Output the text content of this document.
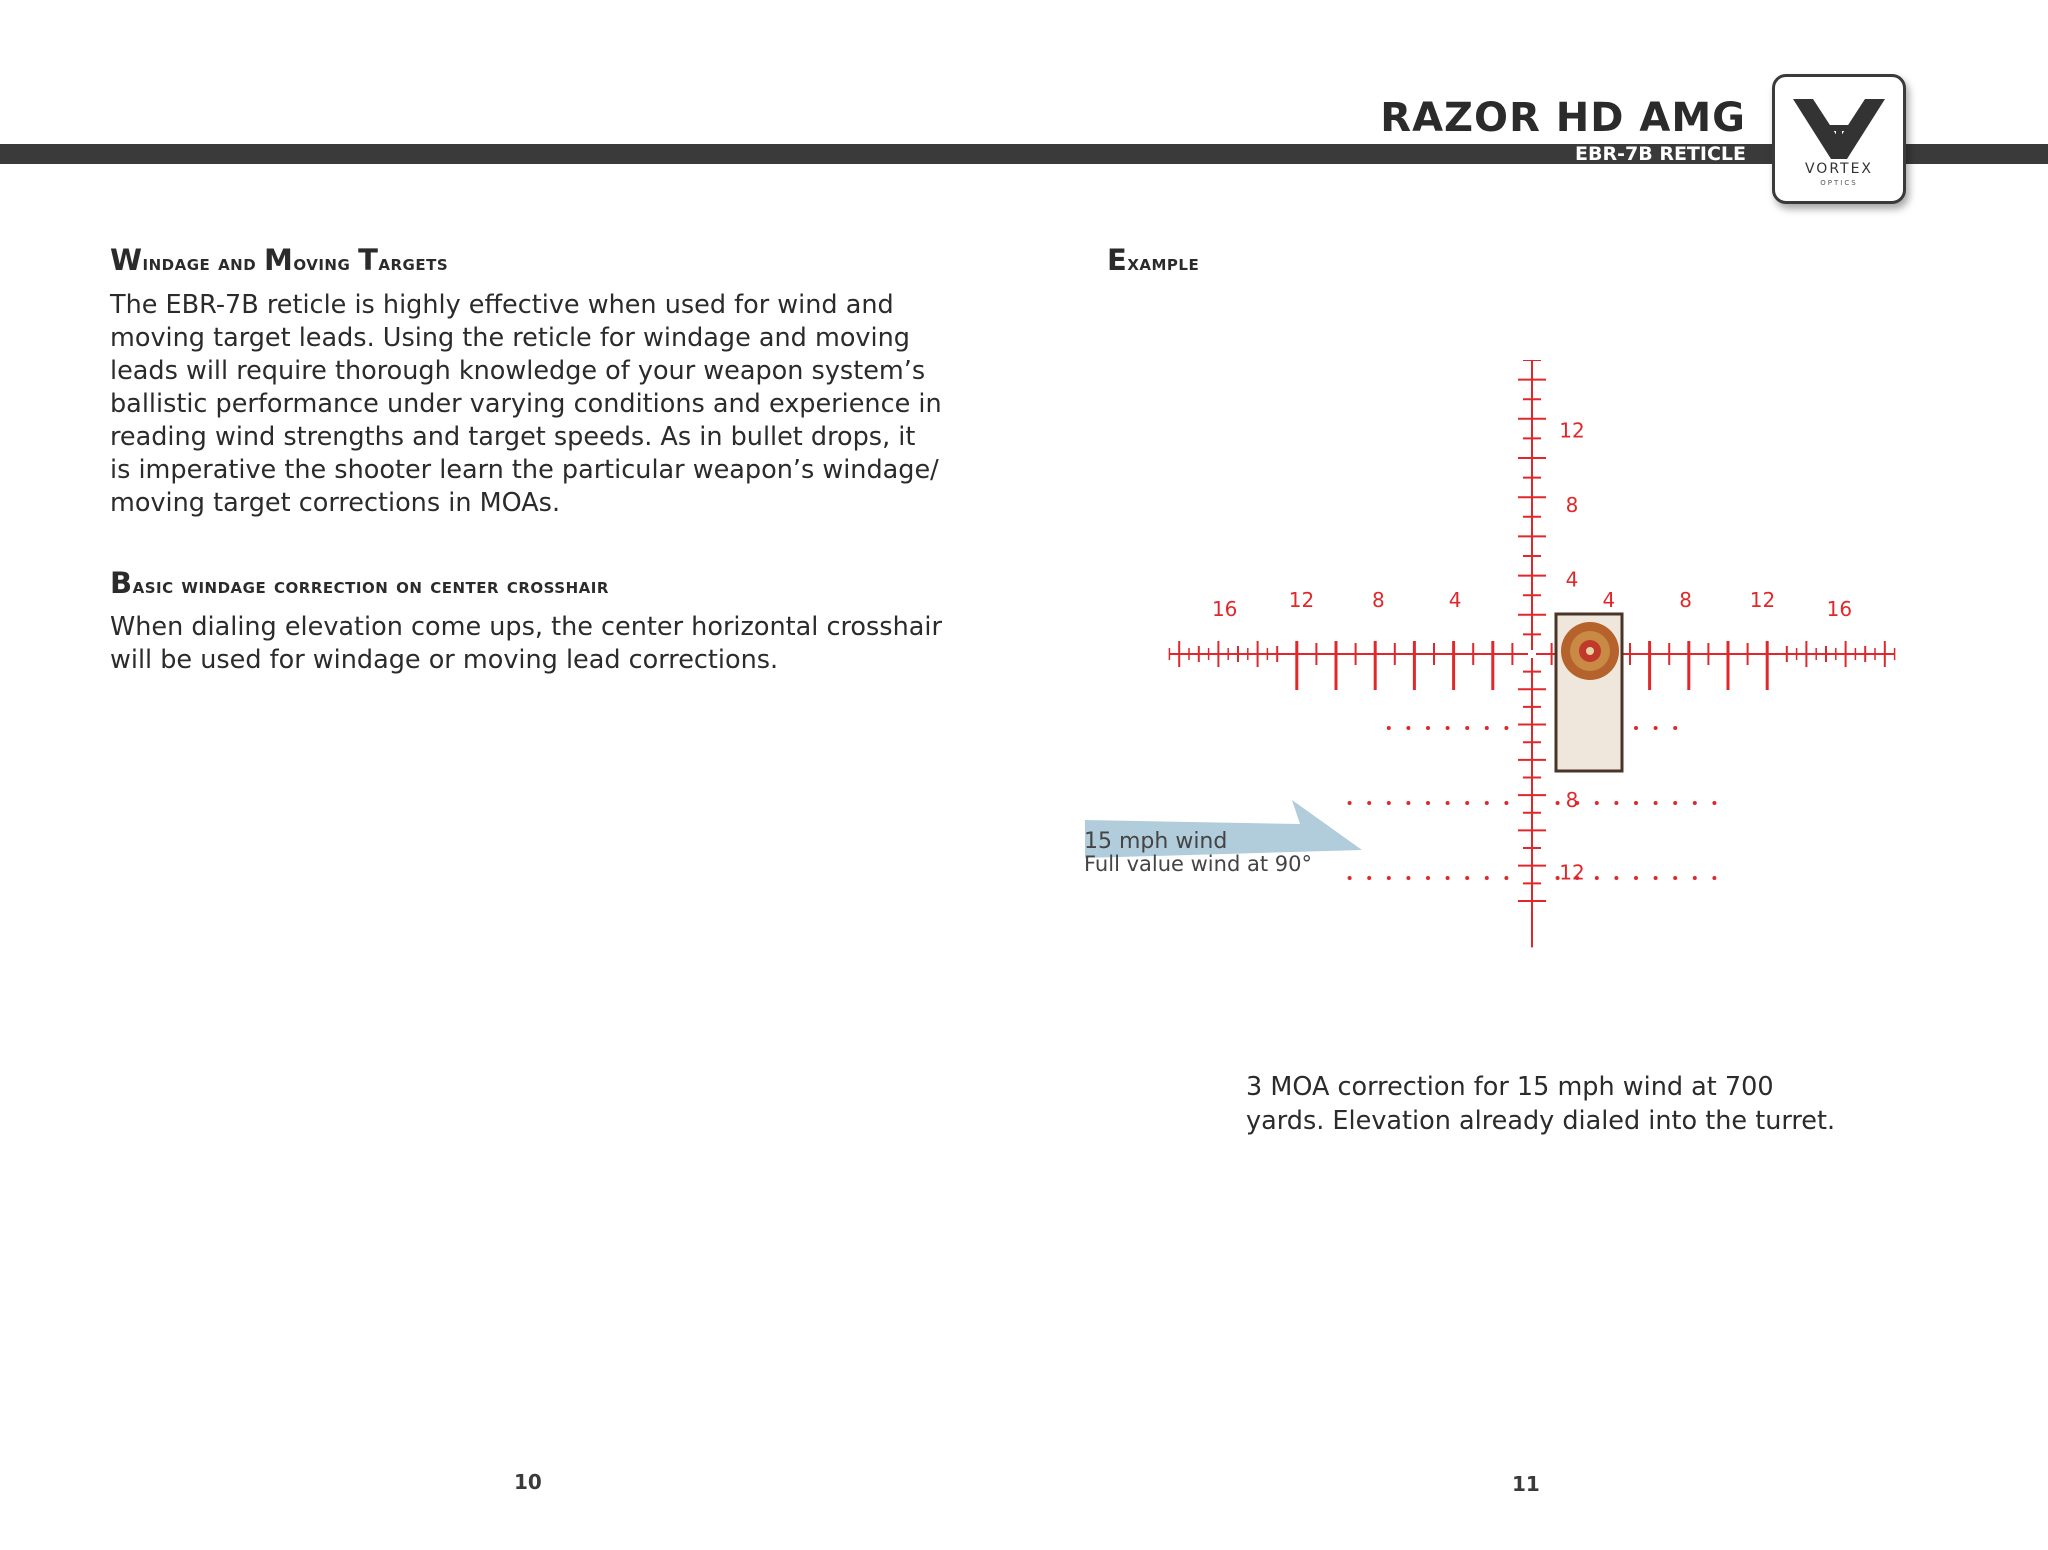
RAZOR HD AMG
EBR-7B RETICLE
VORTEX
OPTICS
Windage and Moving Targets
The EBR-7B reticle is highly effective when used for wind and
moving target leads. Using the reticle for windage and moving
leads will require thorough knowledge of your weapon system’s
ballistic performance under varying conditions and experience in
reading wind strengths and target speeds. As in bullet drops, it
is imperative the shooter learn the particular weapon’s windage/
moving target corrections in MOAs.
Basic windage correction on center crosshair
When dialing elevation come ups, the center horizontal crosshair
will be used for windage or moving lead corrections.
10
Example
16	12	8	4	4	8	12	16
12
8
4
8
12
15 mph wind
Full value wind at 90°
3 MOA correction for 15 mph wind at 700
yards. Elevation already dialed into the turret.
11
